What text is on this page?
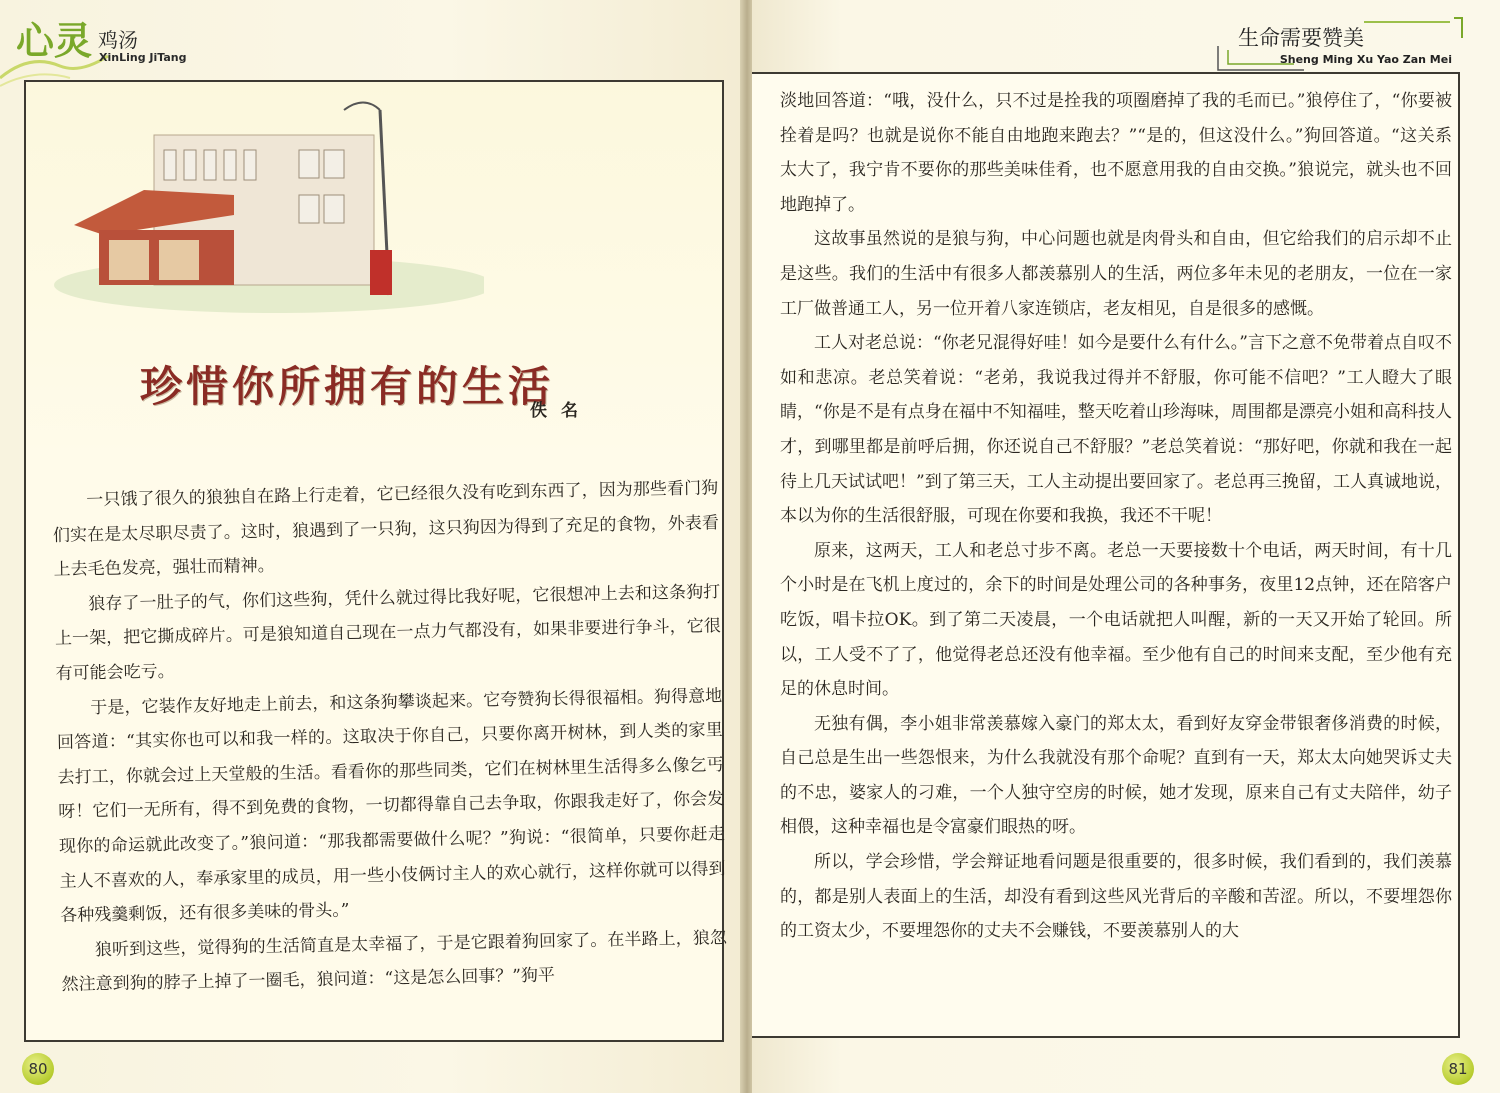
心灵 鸡汤
XinLing JiTang
珍惜你所拥有的生活
佚名

一只饿了很久的狼独自在路上行走着，它已经很久没有吃到东西了，因为那些看门狗们实在是太尽职尽责了。这时，狼遇到了一只狗，这只狗因为得到了充足的食物，外表看上去毛色发亮，强壮而精神。

狼存了一肚子的气，你们这些狗，凭什么就过得比我好呢，它很想冲上去和这条狗打上一架，把它撕成碎片。可是狼知道自己现在一点力气都没有，如果非要进行争斗，它很有可能会吃亏。

于是，它装作友好地走上前去，和这条狗攀谈起来。它夸赞狗长得很福相。狗得意地回答道：“其实你也可以和我一样的。这取决于你自己，只要你离开树林，到人类的家里去打工，你就会过上天堂般的生活。看看你的那些同类，它们在树林里生活得多么像乞丐呀！它们一无所有，得不到免费的食物，一切都得靠自己去争取，你跟我走好了，你会发现你的命运就此改变了。”狼问道：“那我都需要做什么呢？”狗说：“很简单，只要你赶走主人不喜欢的人，奉承家里的成员，用一些小伎俩讨主人的欢心就行，这样你就可以得到各种残羹剩饭，还有很多美味的骨头。”

狼听到这些，觉得狗的生活简直是太幸福了，于是它跟着狗回家了。在半路上，狼忽然注意到狗的脖子上掉了一圈毛，狼问道：“这是怎么回事？”狗平

80
生命需要赞美
Sheng Ming Xu Yao Zan Mei

淡地回答道：“哦，没什么，只不过是拴我的项圈磨掉了我的毛而已。”狼停住了，“你要被拴着是吗？也就是说你不能自由地跑来跑去？”“是的，但这没什么。”狗回答道。“这关系太大了，我宁肯不要你的那些美味佳肴，也不愿意用我的自由交换。”狼说完，就头也不回地跑掉了。

这故事虽然说的是狼与狗，中心问题也就是肉骨头和自由，但它给我们的启示却不止是这些。我们的生活中有很多人都羡慕别人的生活，两位多年未见的老朋友，一位在一家工厂做普通工人，另一位开着八家连锁店，老友相见，自是很多的感慨。

工人对老总说：“你老兄混得好哇！如今是要什么有什么。”言下之意不免带着点自叹不如和悲凉。老总笑着说：“老弟，我说我过得并不舒服，你可能不信吧？”工人瞪大了眼睛，“你是不是有点身在福中不知福哇，整天吃着山珍海味，周围都是漂亮小姐和高科技人才，到哪里都是前呼后拥，你还说自己不舒服？”老总笑着说：“那好吧，你就和我在一起待上几天试试吧！”到了第三天，工人主动提出要回家了。老总再三挽留，工人真诚地说，本以为你的生活很舒服，可现在你要和我换，我还不干呢！

原来，这两天，工人和老总寸步不离。老总一天要接数十个电话，两天时间，有十几个小时是在飞机上度过的，余下的时间是处理公司的各种事务，夜里12点钟，还在陪客户吃饭，唱卡拉OK。到了第二天凌晨，一个电话就把人叫醒，新的一天又开始了轮回。所以，工人受不了了，他觉得老总还没有他幸福。至少他有自己的时间来支配，至少他有充足的休息时间。

无独有偶，李小姐非常羡慕嫁入豪门的郑太太，看到好友穿金带银奢侈消费的时候，自己总是生出一些怨恨来，为什么我就没有那个命呢？直到有一天，郑太太向她哭诉丈夫的不忠，婆家人的刁难，一个人独守空房的时候，她才发现，原来自己有丈夫陪伴，幼子相偎，这种幸福也是令富豪们眼热的呀。

所以，学会珍惜，学会辩证地看问题是很重要的，很多时候，我们看到的，我们羡慕的，都是别人表面上的生活，却没有看到这些风光背后的辛酸和苦涩。所以，不要埋怨你的工资太少，不要埋怨你的丈夫不会赚钱，不要羡慕别人的大

81
